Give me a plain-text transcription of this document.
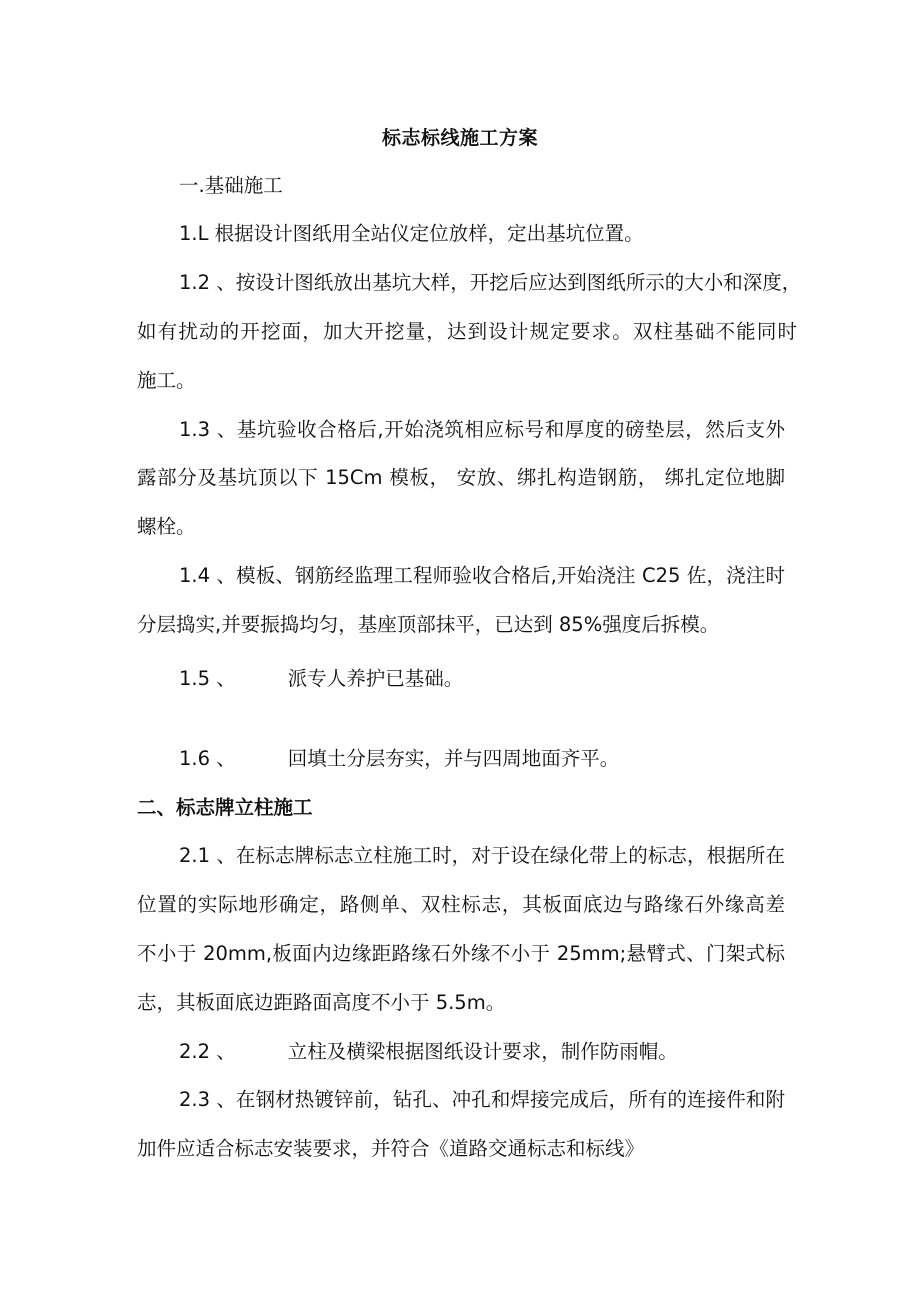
标志标线施工方案
一.基础施工
1.L 根据设计图纸用全站仪定位放样，定出基坑位置。
1.2 、按设计图纸放出基坑大样，开挖后应达到图纸所示的大小和深度，
如有扰动的开挖面，加大开挖量，达到设计规定要求。双柱基础不能同时
施工。
1.3 、基坑验收合格后,开始浇筑相应标号和厚度的磅垫层，然后支外
露部分及基坑顶以下 15Cm 模板， 安放、绑扎构造钢筋， 绑扎定位地脚
螺栓。
1.4 、模板、钢筋经监理工程师验收合格后,开始浇注 C25 佐，浇注时
分层捣实,并要振捣均匀，基座顶部抹平，已达到 85%强度后拆模。
1.5 、	派专人养护已基础。
1.6 、	回填土分层夯实，并与四周地面齐平。
二、标志牌立柱施工
2.1 、在标志牌标志立柱施工时，对于设在绿化带上的标志，根据所在
位置的实际地形确定，路侧单、双柱标志，其板面底边与路缘石外缘高差
不小于 20mm,板面内边缘距路缘石外缘不小于 25mm;悬臂式、门架式标
志，其板面底边距路面高度不小于 5.5m。
2.2 、	立柱及横梁根据图纸设计要求，制作防雨帽。
2.3 、在钢材热镀锌前，钻孔、冲孔和焊接完成后，所有的连接件和附
加件应适合标志安装要求，并符合《道路交通标志和标线》
